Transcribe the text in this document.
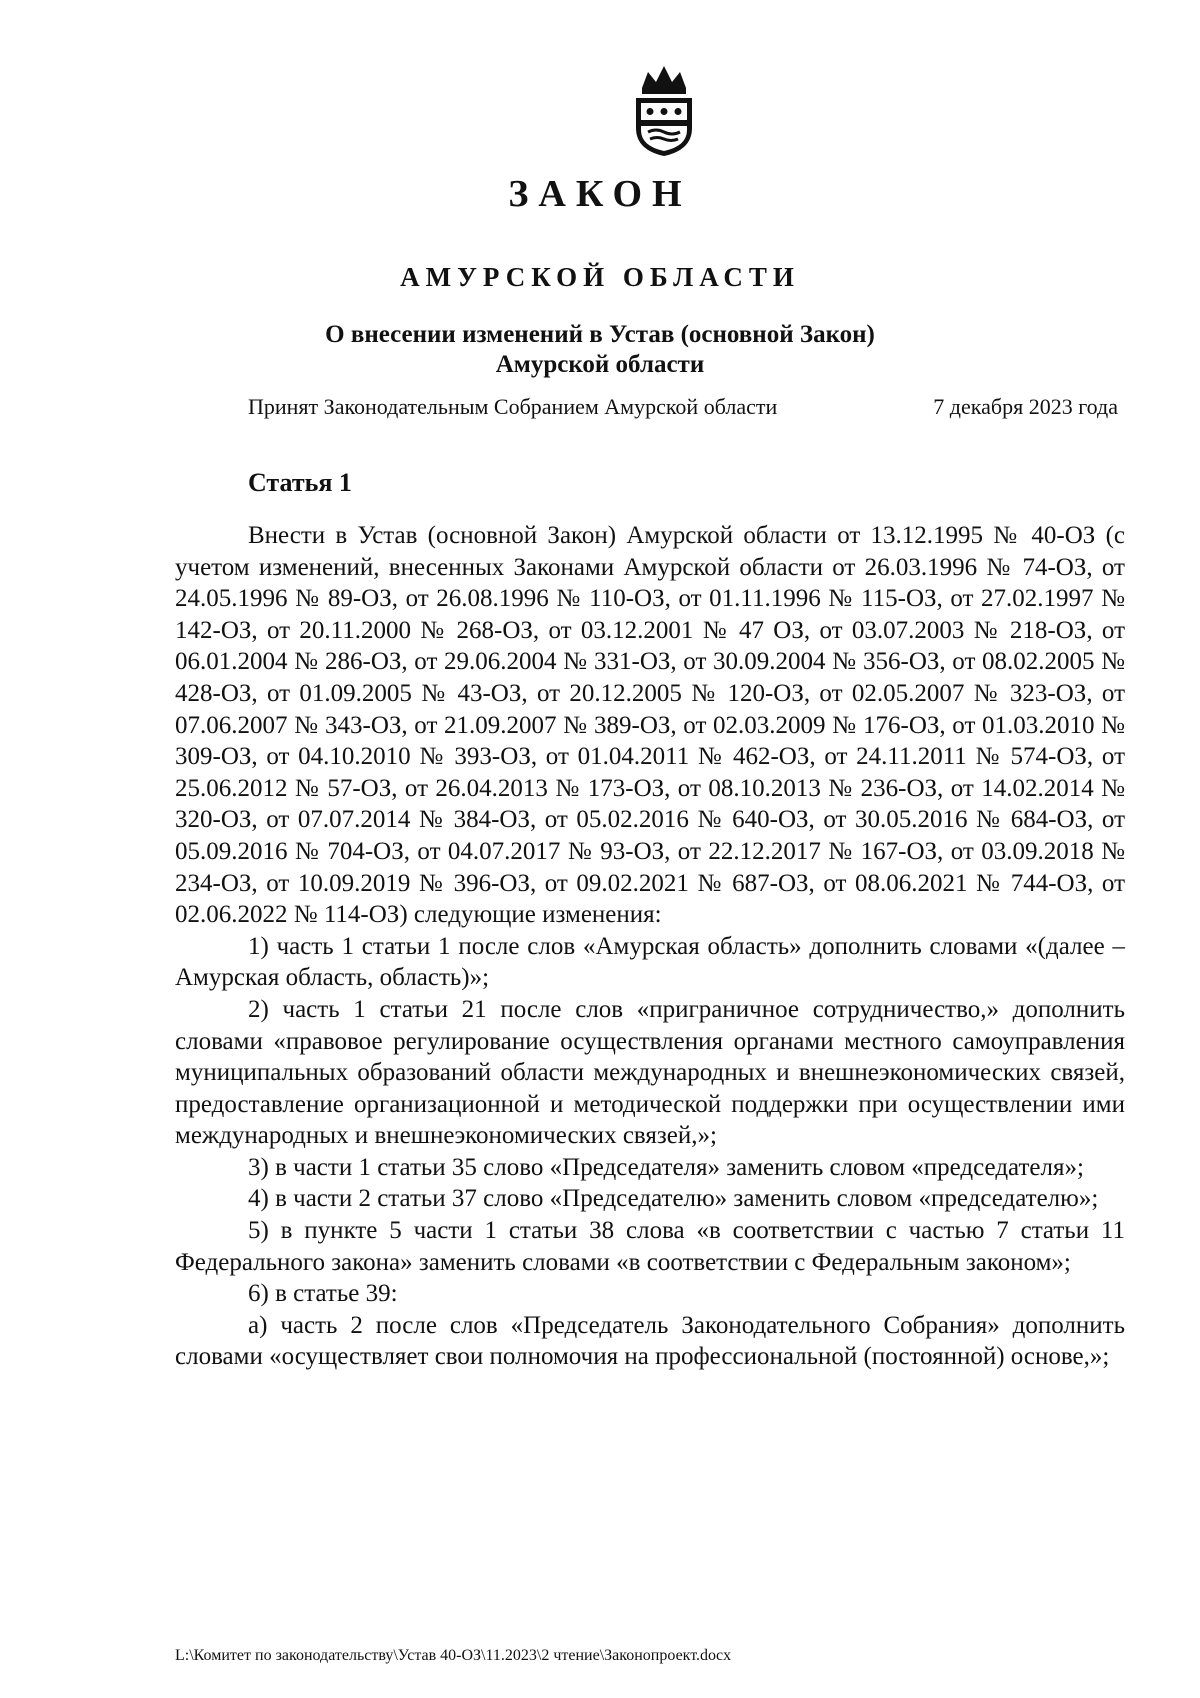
ЗАКОН
АМУРСКОЙ ОБЛАСТИ
О внесении изменений в Устав (основной Закон)
Амурской области
Принят Законодательным Собранием Амурской области	7 декабря 2023 года
Статья 1

Внести в Устав (основной Закон) Амурской области от 13.12.1995 № 40-ОЗ (с учетом изменений, внесенных Законами Амурской области от 26.03.1996 № 74-ОЗ, от 24.05.1996 № 89-ОЗ, от 26.08.1996 № 110-ОЗ, от 01.11.1996 № 115-ОЗ, от 27.02.1997 № 142-ОЗ, от 20.11.2000 № 268-ОЗ, от 03.12.2001 № 47 ОЗ, от 03.07.2003 № 218-ОЗ, от 06.01.2004 № 286-ОЗ, от 29.06.2004 № 331-ОЗ, от 30.09.2004 № 356-ОЗ, от 08.02.2005 № 428-ОЗ, от 01.09.2005 № 43-ОЗ, от 20.12.2005 № 120-ОЗ, от 02.05.2007 № 323-ОЗ, от 07.06.2007 № 343-ОЗ, от 21.09.2007 № 389-ОЗ, от 02.03.2009 № 176-ОЗ, от 01.03.2010 № 309-ОЗ, от 04.10.2010 № 393-ОЗ, от 01.04.2011 № 462-ОЗ, от 24.11.2011 № 574-ОЗ, от 25.06.2012 № 57-ОЗ, от 26.04.2013 № 173-ОЗ, от 08.10.2013 № 236-ОЗ, от 14.02.2014 № 320-ОЗ, от 07.07.2014 № 384-ОЗ, от 05.02.2016 № 640-ОЗ, от 30.05.2016 № 684-ОЗ, от 05.09.2016 № 704-ОЗ, от 04.07.2017 № 93-ОЗ, от 22.12.2017 № 167-ОЗ, от 03.09.2018 № 234-ОЗ, от 10.09.2019 № 396-ОЗ, от 09.02.2021 № 687-ОЗ, от 08.06.2021 № 744-ОЗ, от 02.06.2022 № 114-ОЗ) следующие изменения:

1) часть 1 статьи 1 после слов «Амурская область» дополнить словами «(далее – Амурская область, область)»;

2) часть 1 статьи 21 после слов «приграничное сотрудничество,» дополнить словами «правовое регулирование осуществления органами местного самоуправления муниципальных образований области международных и внешнеэкономических связей, предоставление организационной и методической поддержки при осуществлении ими международных и внешнеэкономических связей,»;

3) в части 1 статьи 35 слово «Председателя» заменить словом «председателя»;

4) в части 2 статьи 37 слово «Председателю» заменить словом «председателю»;

5) в пункте 5 части 1 статьи 38 слова «в соответствии с частью 7 статьи 11 Федерального закона» заменить словами «в соответствии с Федеральным законом»;

6) в статье 39:

а) часть 2 после слов «Председатель Законодательного Собрания» дополнить словами «осуществляет свои полномочия на профессиональной (постоянной) основе,»;

L:\Комитет по законодательству\Устав 40-ОЗ\11.2023\2 чтение\Законопроект.docx
